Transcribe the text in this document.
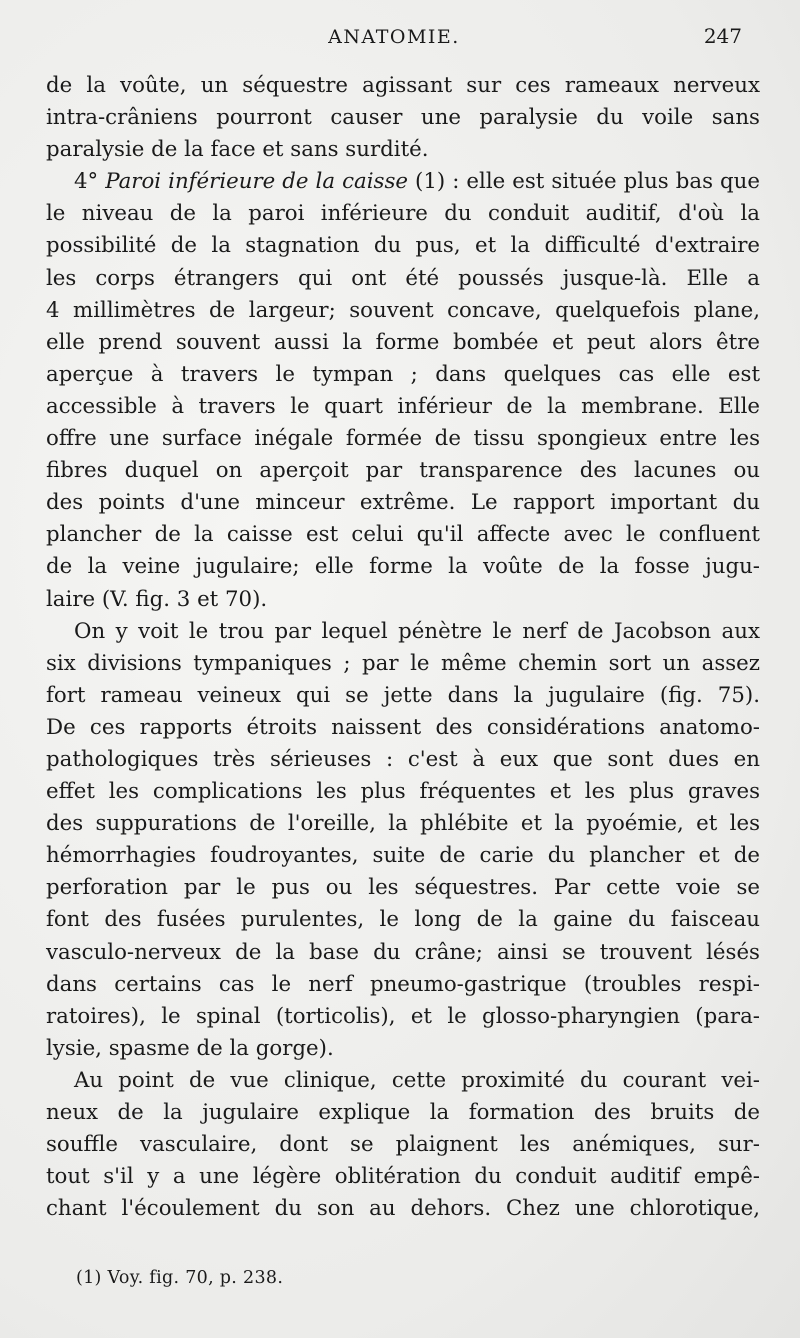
ANATOMIE.	247
de la voûte, un séquestre agissant sur ces rameaux nerveux
intra-crâniens pourront causer une paralysie du voile sans
paralysie de la face et sans surdité.
4° Paroi inférieure de la caisse (1) : elle est située plus bas que
le niveau de la paroi inférieure du conduit auditif, d'où la
possibilité de la stagnation du pus, et la difficulté d'extraire
les corps étrangers qui ont été poussés jusque-là. Elle a
4 millimètres de largeur; souvent concave, quelquefois plane,
elle prend souvent aussi la forme bombée et peut alors être
aperçue à travers le tympan ; dans quelques cas elle est
accessible à travers le quart inférieur de la membrane. Elle
offre une surface inégale formée de tissu spongieux entre les
fibres duquel on aperçoit par transparence des lacunes ou
des points d'une minceur extrême. Le rapport important du
plancher de la caisse est celui qu'il affecte avec le confluent
de la veine jugulaire; elle forme la voûte de la fosse jugu-
laire (V. fig. 3 et 70).
On y voit le trou par lequel pénètre le nerf de Jacobson aux
six divisions tympaniques ; par le même chemin sort un assez
fort rameau veineux qui se jette dans la jugulaire (fig. 75).
De ces rapports étroits naissent des considérations anatomo-
pathologiques très sérieuses : c'est à eux que sont dues en
effet les complications les plus fréquentes et les plus graves
des suppurations de l'oreille, la phlébite et la pyoémie, et les
hémorrhagies foudroyantes, suite de carie du plancher et de
perforation par le pus ou les séquestres. Par cette voie se
font des fusées purulentes, le long de la gaine du faisceau
vasculo-nerveux de la base du crâne; ainsi se trouvent lésés
dans certains cas le nerf pneumo-gastrique (troubles respi-
ratoires), le spinal (torticolis), et le glosso-pharyngien (para-
lysie, spasme de la gorge).
Au point de vue clinique, cette proximité du courant vei-
neux de la jugulaire explique la formation des bruits de
souffle vasculaire, dont se plaignent les anémiques, sur-
tout s'il y a une légère oblitération du conduit auditif empê-
chant l'écoulement du son au dehors. Chez une chlorotique,
(1) Voy. fig. 70, p. 238.
